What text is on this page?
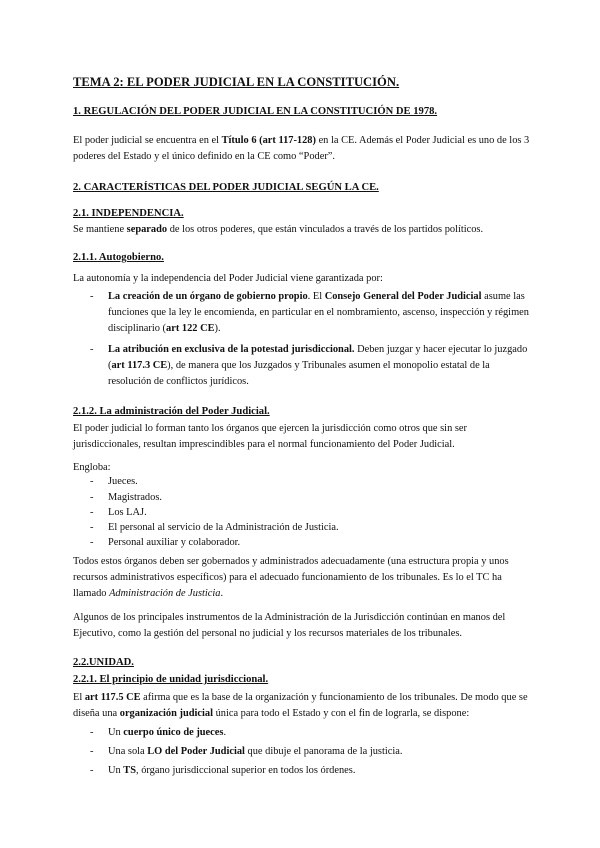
TEMA 2: EL PODER JUDICIAL EN LA CONSTITUCIÓN.

1. REGULACIÓN DEL PODER JUDICIAL EN LA CONSTITUCIÓN DE 1978.

El poder judicial se encuentra en el Título 6 (art 117-128) en la CE. Además el Poder Judicial es uno de los 3 poderes del Estado y el único definido en la CE como “Poder”.

2. CARACTERÍSTICAS DEL PODER JUDICIAL SEGÚN LA CE.

2.1. INDEPENDENCIA.

Se mantiene separado de los otros poderes, que están vinculados a través de los partidos políticos.

2.1.1. Autogobierno.

La autonomía y la independencia del Poder Judicial viene garantizada por:

- La creación de un órgano de gobierno propio. El Consejo General del Poder Judicial asume las funciones que la ley le encomienda, en particular en el nombramiento, ascenso, inspección y régimen disciplinario (art 122 CE).
- La atribución en exclusiva de la potestad jurisdiccional. Deben juzgar y hacer ejecutar lo juzgado (art 117.3 CE), de manera que los Juzgados y Tribunales asumen el monopolio estatal de la resolución de conflictos jurídicos.

2.1.2. La administración del Poder Judicial.

El poder judicial lo forman tanto los órganos que ejercen la jurisdicción como otros que sin ser jurisdiccionales, resultan imprescindibles para el normal funcionamiento del Poder Judicial.

Engloba:

- Jueces.
- Magistrados.
- Los LAJ.
- El personal al servicio de la Administración de Justicia.
- Personal auxiliar y colaborador.

Todos estos órganos deben ser gobernados y administrados adecuadamente (una estructura propia y unos recursos administrativos específicos) para el adecuado funcionamiento de los tribunales. Es lo el TC ha llamado Administración de Justicia.

Algunos de los principales instrumentos de la Administración de la Jurisdicción continúan en manos del Ejecutivo, como la gestión del personal no judicial y los recursos materiales de los tribunales.

2.2.UNIDAD.

2.2.1. El principio de unidad jurisdiccional.

El art 117.5 CE afirma que es la base de la organización y funcionamiento de los tribunales. De modo que se diseña una organización judicial única para todo el Estado y con el fin de lograrla, se dispone:

- Un cuerpo único de jueces.
- Una sola LO del Poder Judicial que dibuje el panorama de la justicia.
- Un TS, órgano jurisdiccional superior en todos los órdenes.
